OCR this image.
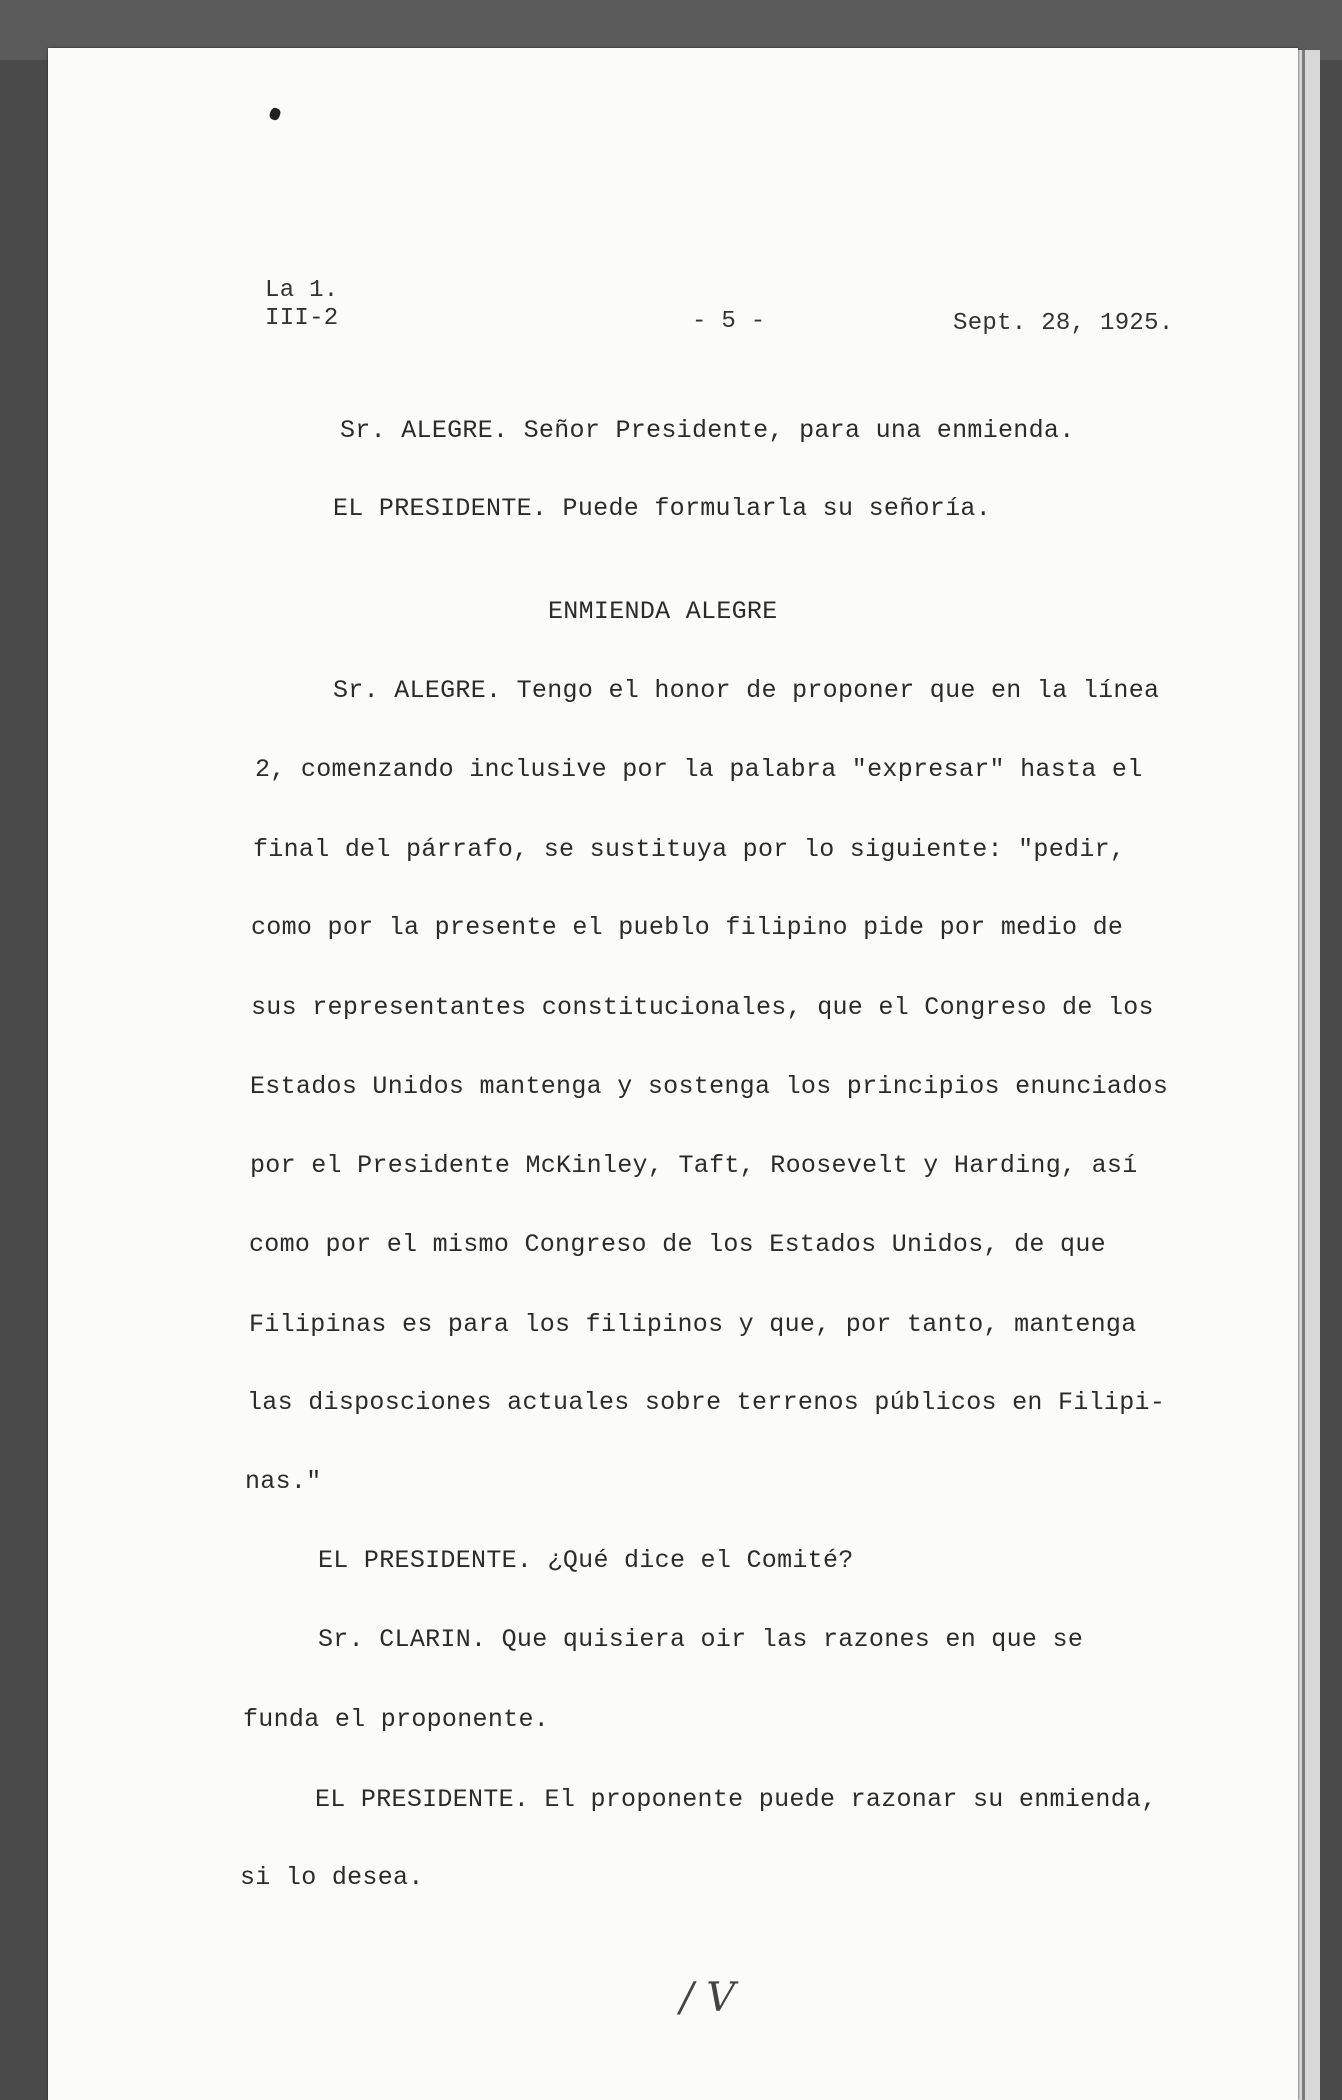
La 1.
III-2	- 5 -	Sept. 28, 1925.
Sr. ALEGRE. Señor Presidente, para una enmienda.
EL PRESIDENTE. Puede formularla su señoría.
ENMIENDA ALEGRE
Sr. ALEGRE. Tengo el honor de proponer que en la línea
2, comenzando inclusive por la palabra "expresar" hasta el
final del párrafo, se sustituya por lo siguiente: "pedir,
como por la presente el pueblo filipino pide por medio de
sus representantes constitucionales, que el Congreso de los
Estados Unidos mantenga y sostenga los principios enunciados
por el Presidente McKinley, Taft, Roosevelt y Harding, así
como por el mismo Congreso de los Estados Unidos, de que
Filipinas es para los filipinos y que, por tanto, mantenga
las disposciones actuales sobre terrenos públicos en Filipi-
nas."
EL PRESIDENTE. ¿Qué dice el Comité?
Sr. CLARIN. Que quisiera oir las razones en que se
funda el proponente.
EL PRESIDENTE. El proponente puede razonar su enmienda,
si lo desea.
/ V
